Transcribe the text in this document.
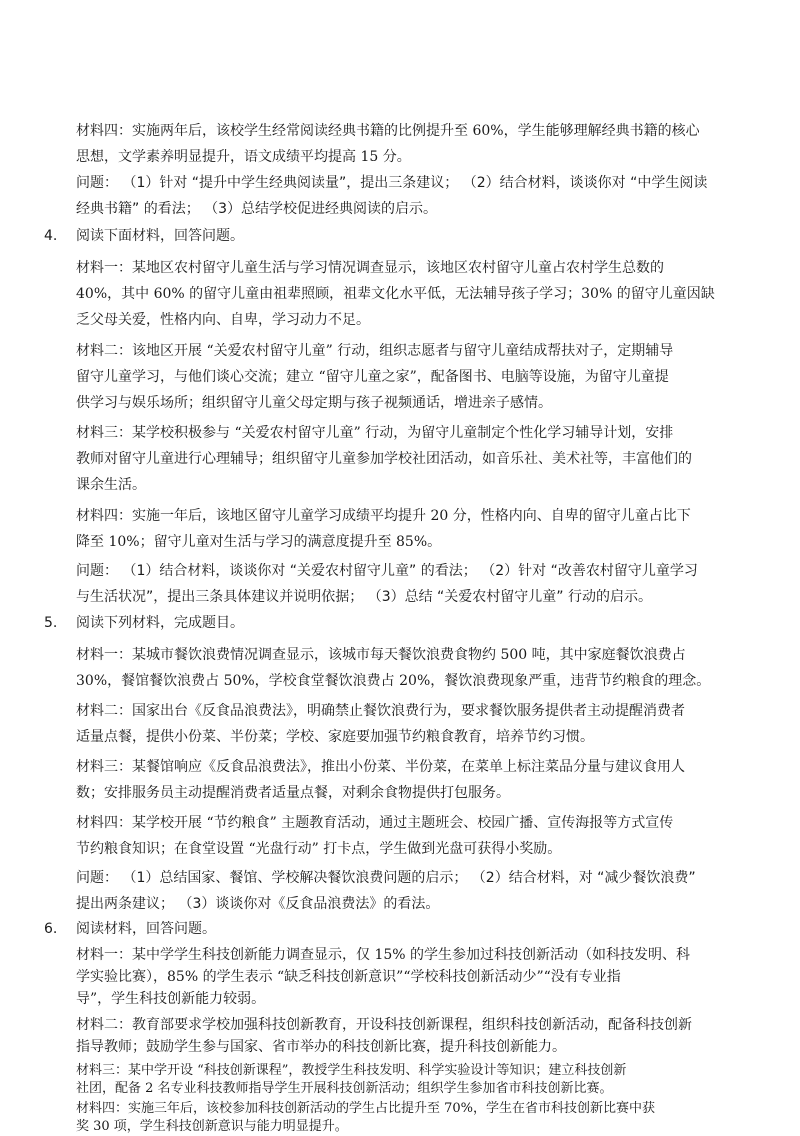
材料四：实施两年后，该校学生经常阅读经典书籍的比例提升至 60%，学生能够理解经典书籍的核心
思想，文学素养明显提升，语文成绩平均提高 15 分。

问题： （1）针对 “提升中学生经典阅读量”，提出三条建议； （2）结合材料，谈谈你对 “中学生阅读
经典书籍” 的看法； （3）总结学校促进经典阅读的启示。

4. 阅读下面材料，回答问题。

材料一：某地区农村留守儿童生活与学习情况调查显示，该地区农村留守儿童占农村学生总数的
40%，其中 60% 的留守儿童由祖辈照顾，祖辈文化水平低，无法辅导孩子学习；30% 的留守儿童因缺
乏父母关爱，性格内向、自卑，学习动力不足。

材料二：该地区开展 “关爱农村留守儿童” 行动，组织志愿者与留守儿童结成帮扶对子，定期辅导
留守儿童学习，与他们谈心交流；建立 “留守儿童之家”，配备图书、电脑等设施，为留守儿童提
供学习与娱乐场所；组织留守儿童父母定期与孩子视频通话，增进亲子感情。

材料三：某学校积极参与 “关爱农村留守儿童” 行动，为留守儿童制定个性化学习辅导计划，安排
教师对留守儿童进行心理辅导；组织留守儿童参加学校社团活动，如音乐社、美术社等，丰富他们的
课余生活。

材料四：实施一年后，该地区留守儿童学习成绩平均提升 20 分，性格内向、自卑的留守儿童占比下
降至 10%；留守儿童对生活与学习的满意度提升至 85%。

问题： （1）结合材料，谈谈你对 “关爱农村留守儿童” 的看法； （2）针对 “改善农村留守儿童学习
与生活状况”，提出三条具体建议并说明依据； （3）总结 “关爱农村留守儿童” 行动的启示。

5. 阅读下列材料，完成题目。

材料一：某城市餐饮浪费情况调查显示，该城市每天餐饮浪费食物约 500 吨，其中家庭餐饮浪费占
30%，餐馆餐饮浪费占 50%，学校食堂餐饮浪费占 20%，餐饮浪费现象严重，违背节约粮食的理念。

材料二：国家出台《反食品浪费法》，明确禁止餐饮浪费行为，要求餐饮服务提供者主动提醒消费者
适量点餐，提供小份菜、半份菜；学校、家庭要加强节约粮食教育，培养节约习惯。

材料三：某餐馆响应《反食品浪费法》，推出小份菜、半份菜，在菜单上标注菜品分量与建议食用人
数；安排服务员主动提醒消费者适量点餐，对剩余食物提供打包服务。

材料四：某学校开展 “节约粮食” 主题教育活动，通过主题班会、校园广播、宣传海报等方式宣传
节约粮食知识；在食堂设置 “光盘行动” 打卡点，学生做到光盘可获得小奖励。

问题： （1）总结国家、餐馆、学校解决餐饮浪费问题的启示； （2）结合材料，对 “减少餐饮浪费”
提出两条建议； （3）谈谈你对《反食品浪费法》的看法。

6. 阅读材料，回答问题。

材料一：某中学学生科技创新能力调查显示，仅 15% 的学生参加过科技创新活动（如科技发明、科
学实验比赛），85% 的学生表示 “缺乏科技创新意识”“学校科技创新活动少”“没有专业指
导”，学生科技创新能力较弱。

材料二：教育部要求学校加强科技创新教育，开设科技创新课程，组织科技创新活动，配备科技创新
指导教师；鼓励学生参与国家、省市举办的科技创新比赛，提升科技创新能力。

材料三：某中学开设 “科技创新课程”，教授学生科技发明、科学实验设计等知识；建立科技创新
社团，配备 2 名专业科技教师指导学生开展科技创新活动；组织学生参加省市科技创新比赛。

材料四：实施三年后，该校参加科技创新活动的学生占比提升至 70%，学生在省市科技创新比赛中获
奖 30 项，学生科技创新意识与能力明显提升。
